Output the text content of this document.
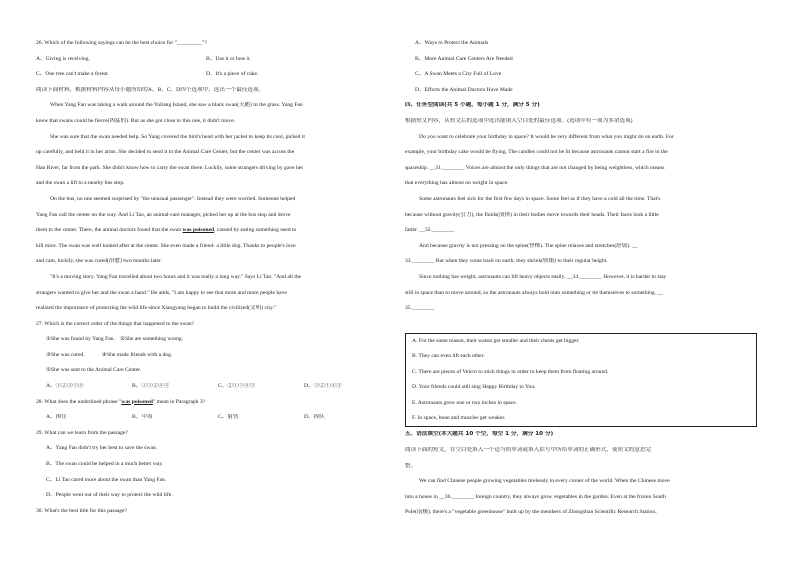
26. Which of the following sayings can be the best choice for "_________"?
A、Giving is receiving.	B、Use it or lose it.
C、One tree can't make a forest.	D、It's a piece of cake.
阅读下面材料，根据材料内容从每小题所给的A、B、C、D四个选项中，选出一个最佳选项。
When Yang Fan was taking a walk around the Yuliang Island, she saw a black swan(天鹅) in the grass. Yang Fan
knew that swans could be fierce(凶猛的). But as she got close to this one, it didn't move.
She was sure that the swan needed help. So Yang covered the bird's head with her jacket to keep its cool, picked it
up carefully, and held it in her arms. She decided to send it to the Animal Care Center, but the center was across the
Han River, far from the park. She didn't know how to carry the swan there. Luckily, some strangers driving by gave her
and the swan a lift to a nearby bus stop.
On the bus, no one seemed surprised by "the unusual passenger". Instead they were worried. Someone helped
Yang Fan call the center on the way. And Li Tao, an animal-care manager, picked her up at the bus stop and drove
them to the center. There, the animal doctors found that the swan was poisoned, caused by eating something used to
kill mice. The swan was well looked after at the center. She even made a friend- a little dog. Thanks to people's love
and care, luckily, she was cured(治愈) two months later.
"It's a moving story. Yang Fan travelled about two hours and it was really a long way." Says Li Tao. "And all the
strangers wanted to give her and the swan a hand." He adds, "I am happy to see that more and more people have
realized the importance of protecting the wild life since Xiangyang began to build the civilized(文明) city."
27. Which is the correct order of the things that happened to the swan?
①She was found by Yang Fan. ②She ate something wrong.
③She was cured.	④She made friends with a dog.
⑤She was sent to the Animal Care Center.
A、①②③⑤④	B、①⑤②④③	C、②①⑤④③	D、⑤②①④③
28. What does the underlined phrase "was poisoned" mean in Paragraph 3?
A、困住	B、中毒	C、射伤	D、掉队
29. What can we learn from the passage?
A、Yang Fan didn't try her best to save the swan.
B、The swan could be helped in a much better way.
C、Li Tao cared more about the swan than Yang Fan.
D、People went out of their way to protect the wild life.
30. What's the best title for this passage?
A、Ways to Protect the Animals
B、More Animal Care Centers Are Needed
C、A Swan Meets a City Full of Love
D、Efforts the Animal Doctors Have Made
四、任务型阅读(共 5 小题，每小题 1 分，满分 5 分)
根据短文内容，从短文后的选项中选出能填入空白处的最佳选项。(选项中有一项为多余选项)
Do you want to celebrate your birthday in space? It would be very different from what you might do on earth. For
example, your birthday cake would be flying. The candles could not be lit because astronauts cannot start a fire in the
spaceship. __31.________ Voices are almost the only things that are not changed by being weightless, which means
that everything has almost no weight in space.
Some astronauts feel sick for the first few days in space. Some feel as if they have a cold all the time. That's
because without gravity(引力), the fluids(液体) in their bodies move towards their heads. Their faces look a little
fatter. __32.________
And because gravity is not pressing on the spine(脊椎). The spine relaxes and stretches(舒展). __
33.________ But when they come back on earth, they shrink(收缩) to their regular height.
Since nothing has weight, astronauts can lift heavy objects easily. __34.________ However, it is harder to stay
still in space than to move around, so the astronauts always hold onto something or tie themselves to something. __
35.________
A. For the same reason, their waists get smaller and their chests get bigger.
B. They can even lift each other.
C. There are pieces of Velcro to stick things in order to keep them from floating around.
D. Your friends could still sing Happy Birthday to You.
E. Astronauts grow one or two inches in space.
F. In space, bone and muscles get weaker.
五、语法填空(本大题共 10 个空，每空 1 分，满分 10 分)
阅读下面的短文，在空白处填入一个适当的单词或填入括号中所给单词的正确形式，使短文的意思完
整。
We can find Chinese people growing vegetables tirelessly in every corner of the world. When the Chinese move
into a house in __36.________ foreign country, they always grow vegetables in the garden. Even at the frozen South
Pole(南极), there's a "vegetable greenhouse" built up by the members of Zhongshan Scientific Research Station,
